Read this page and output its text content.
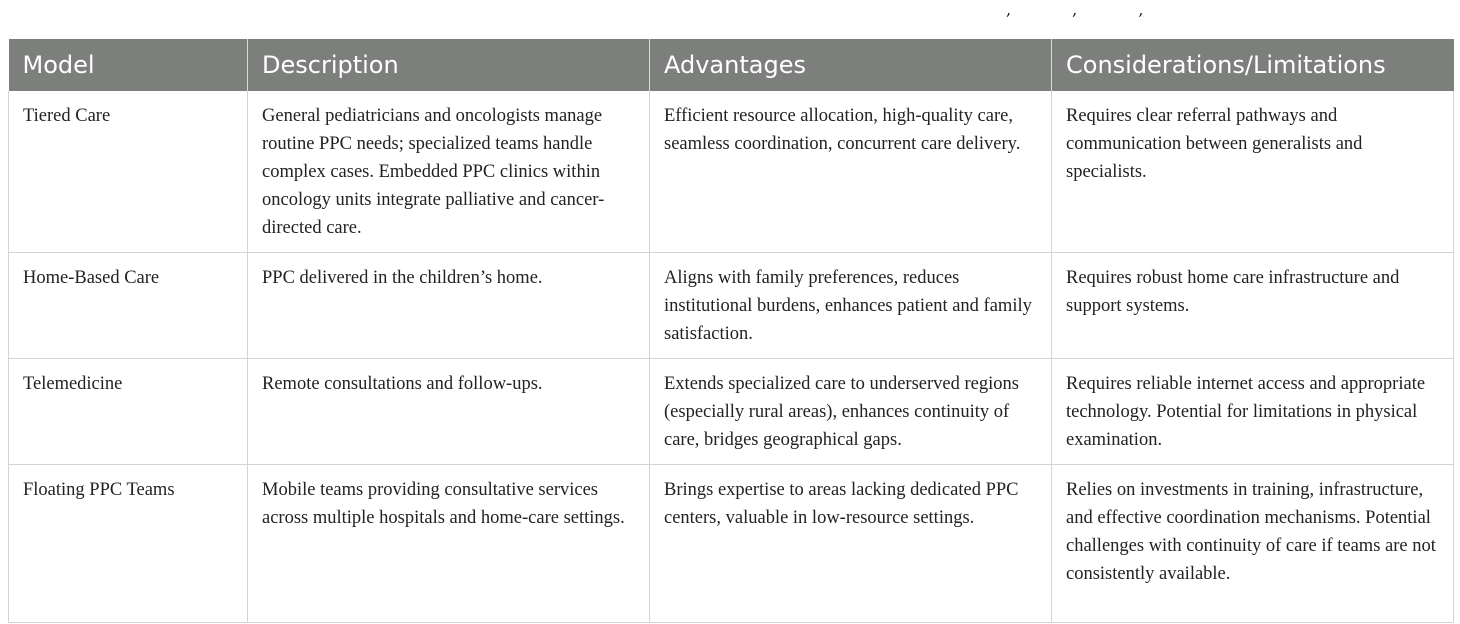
, , ,
Model	Description	Advantages	Considerations/Limitations
Tiered Care	General pediatricians and oncologists manage routine PPC needs; specialized teams handle complex cases. Embedded PPC clinics within oncology units integrate palliative and cancer-directed care.	Efficient resource allocation, high-quality care, seamless coordination, concurrent care delivery.	Requires clear referral pathways and communication between generalists and specialists.
Home-Based Care	PPC delivered in the children’s home.	Aligns with family preferences, reduces institutional burdens, enhances patient and family satisfaction.	Requires robust home care infrastructure and support systems.
Telemedicine	Remote consultations and follow-ups.	Extends specialized care to underserved regions (especially rural areas), enhances continuity of care, bridges geographical gaps.	Requires reliable internet access and appropriate technology. Potential for limitations in physical examination.
Floating PPC Teams	Mobile teams providing consultative services across multiple hospitals and home-care settings.	Brings expertise to areas lacking dedicated PPC centers, valuable in low-resource settings.	Relies on investments in training, infrastructure, and effective coordination mechanisms. Potential challenges with continuity of care if teams are not consistently available.
